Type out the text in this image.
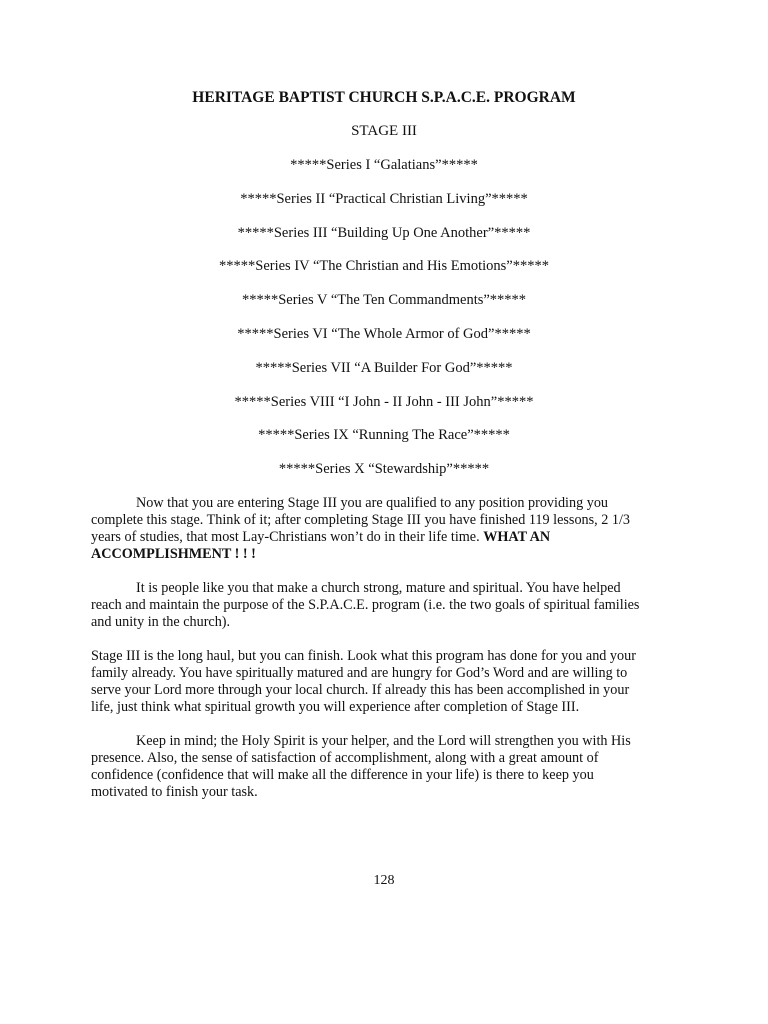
HERITAGE BAPTIST CHURCH S.P.A.C.E. PROGRAM
STAGE III
*****Series I “Galatians”*****
*****Series II “Practical Christian Living”*****
*****Series III “Building Up One Another”*****
*****Series IV “The Christian and His Emotions”*****
*****Series V “The Ten Commandments”*****
*****Series VI “The Whole Armor of God”*****
*****Series VII “A Builder For God”*****
*****Series VIII “I John - II John - III John”*****
*****Series IX “Running The Race”*****
*****Series X “Stewardship”*****

Now that you are entering Stage III you are qualified to any position providing you complete this stage. Think of it; after completing Stage III you have finished 119 lessons, 2 1/3 years of studies, that most Lay-Christians won’t do in their life time. WHAT AN ACCOMPLISHMENT ! ! !

It is people like you that make a church strong, mature and spiritual. You have helped reach and maintain the purpose of the S.P.A.C.E. program (i.e. the two goals of spiritual families and unity in the church).

Stage III is the long haul, but you can finish. Look what this program has done for you and your family already. You have spiritually matured and are hungry for God’s Word and are willing to serve your Lord more through your local church. If already this has been accomplished in your life, just think what spiritual growth you will experience after completion of Stage III.

Keep in mind; the Holy Spirit is your helper, and the Lord will strengthen you with His presence. Also, the sense of satisfaction of accomplishment, along with a great amount of confidence (confidence that will make all the difference in your life) is there to keep you motivated to finish your task.

128
